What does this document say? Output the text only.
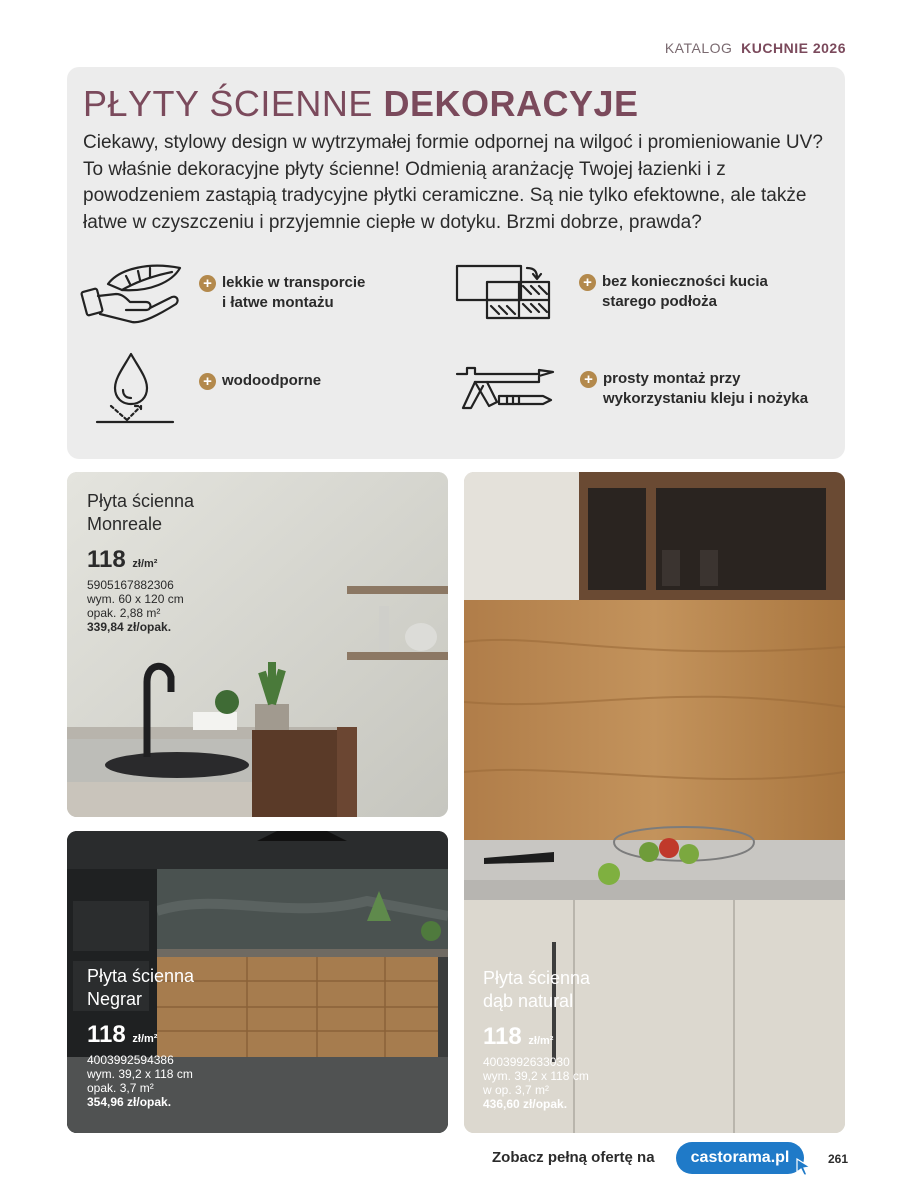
KATALOG KUCHNIE 2026
PŁYTY ŚCIENNE DEKORACYJE
Ciekawy, stylowy design w wytrzymałej formie odpornej na wilgoć i promieniowanie UV? To właśnie dekoracyjne płyty ścienne! Odmienią aranżację Twojej łazienki i z powodzeniem zastąpią tradycyjne płytki ceramiczne. Są nie tylko efektowne, ale także łatwe w czyszczeniu i przyjemnie ciepłe w dotyku. Brzmi dobrze, prawda?
+ lekkie w transporcie
i łatwe montażu
+ bez konieczności kucia
starego podłoża
+ wodoodporne	+ prosty montaż przy
wykorzystaniu kleju i nożyka
Płyta ścienna
Monreale
118 zł/m²
5905167882306
wym. 60 x 120 cm
opak. 2,88 m²
339,84 zł/opak.
Płyta ścienna
Negrar
118 zł/m²
4003992594386
wym. 39,2 x 118 cm
opak. 3,7 m²
354,96 zł/opak.
Płyta ścienna
dąb natural
118 zł/m²
4003992633030
wym. 39,2 x 118 cm
w op. 3,7 m²
436,60 zł/opak.
Zobacz pełną ofertę na	castorama.pl	261
